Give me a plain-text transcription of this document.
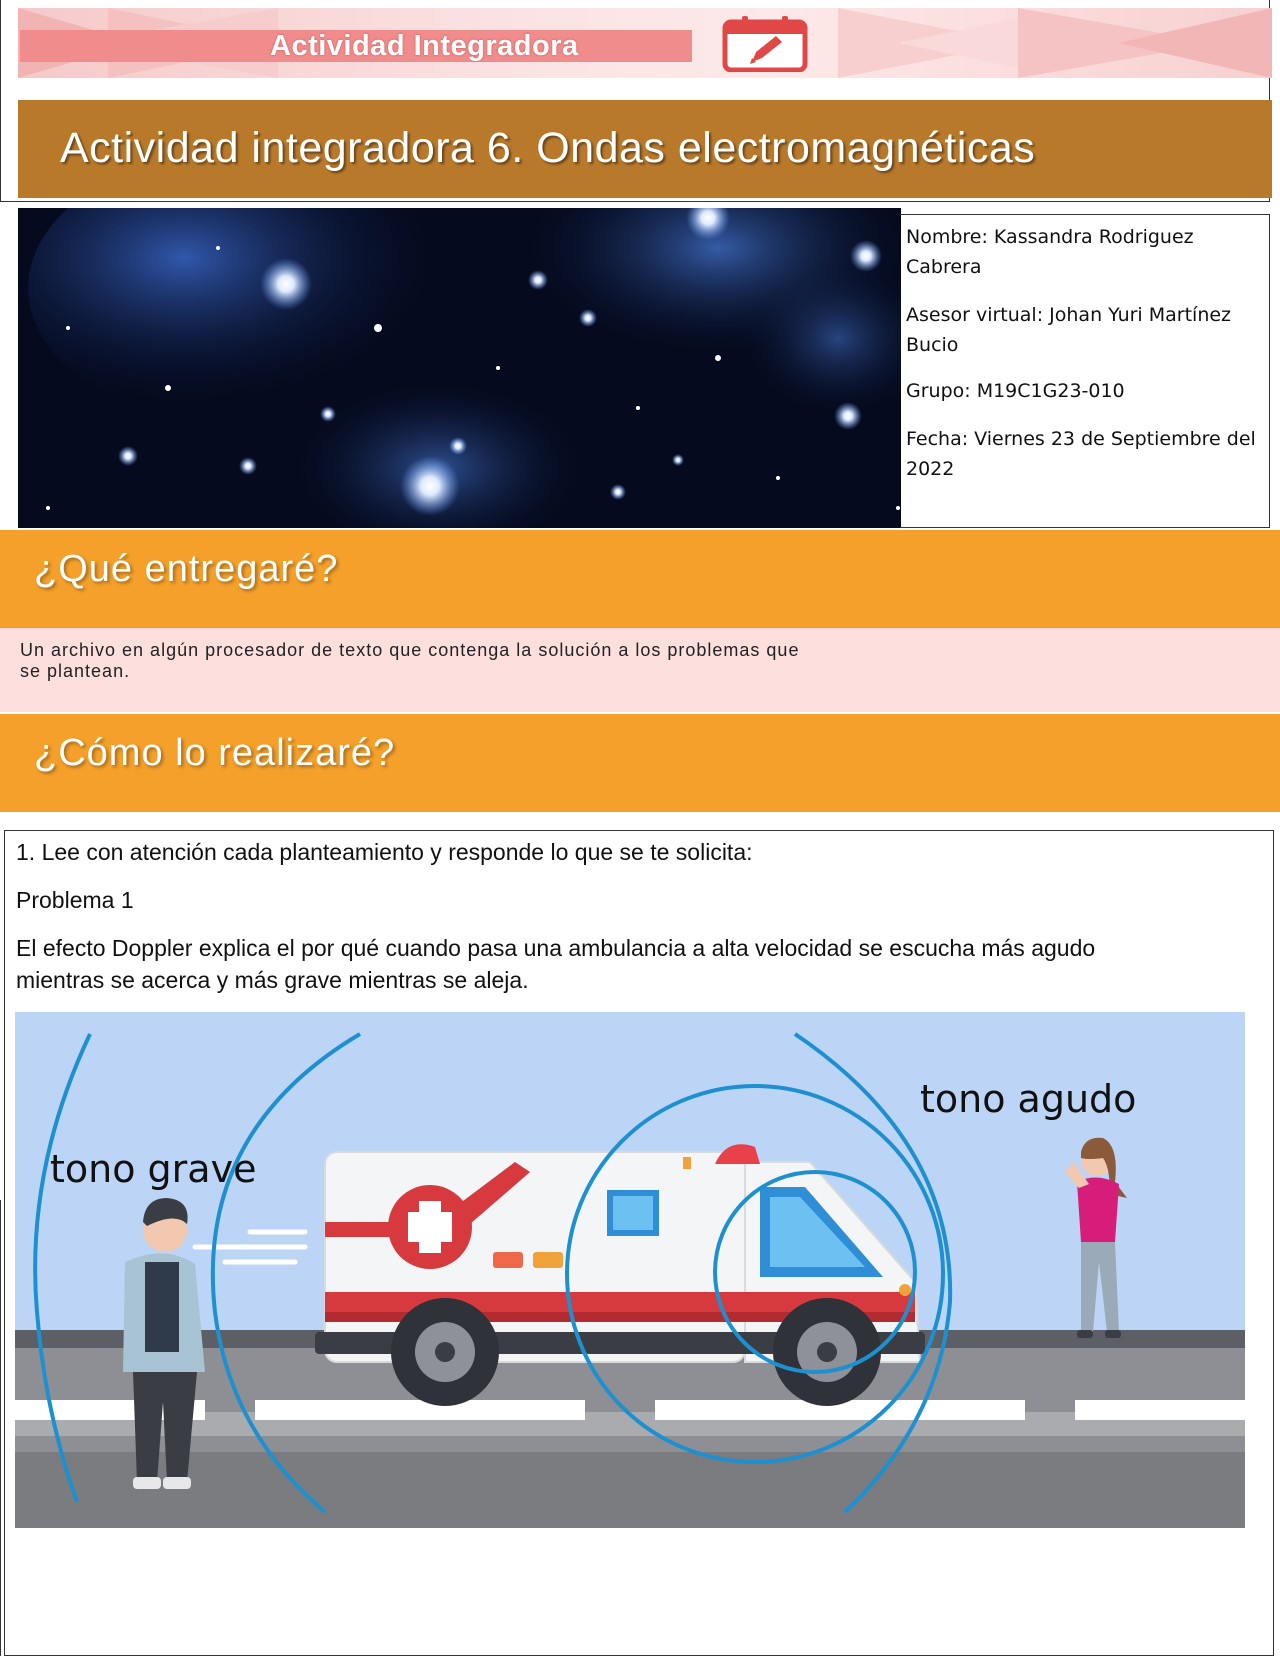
Actividad Integradora
Actividad integradora 6. Ondas electromagnéticas
Nombre: Kassandra Rodriguez
Cabrera
Asesor virtual: Johan Yuri Martínez
Bucio
Grupo: M19C1G23-010
Fecha: Viernes 23 de Septiembre del
2022
¿Qué entregaré?
Un archivo en algún procesador de texto que contenga la solución a los problemas que
se plantean.
¿Cómo lo realizaré?
1. Lee con atención cada planteamiento y responde lo que se te solicita:
Problema 1
El efecto Doppler explica el por qué cuando pasa una ambulancia a alta velocidad se escucha más agudo
mientras se acerca y más grave mientras se aleja.
tono grave
tono agudo
